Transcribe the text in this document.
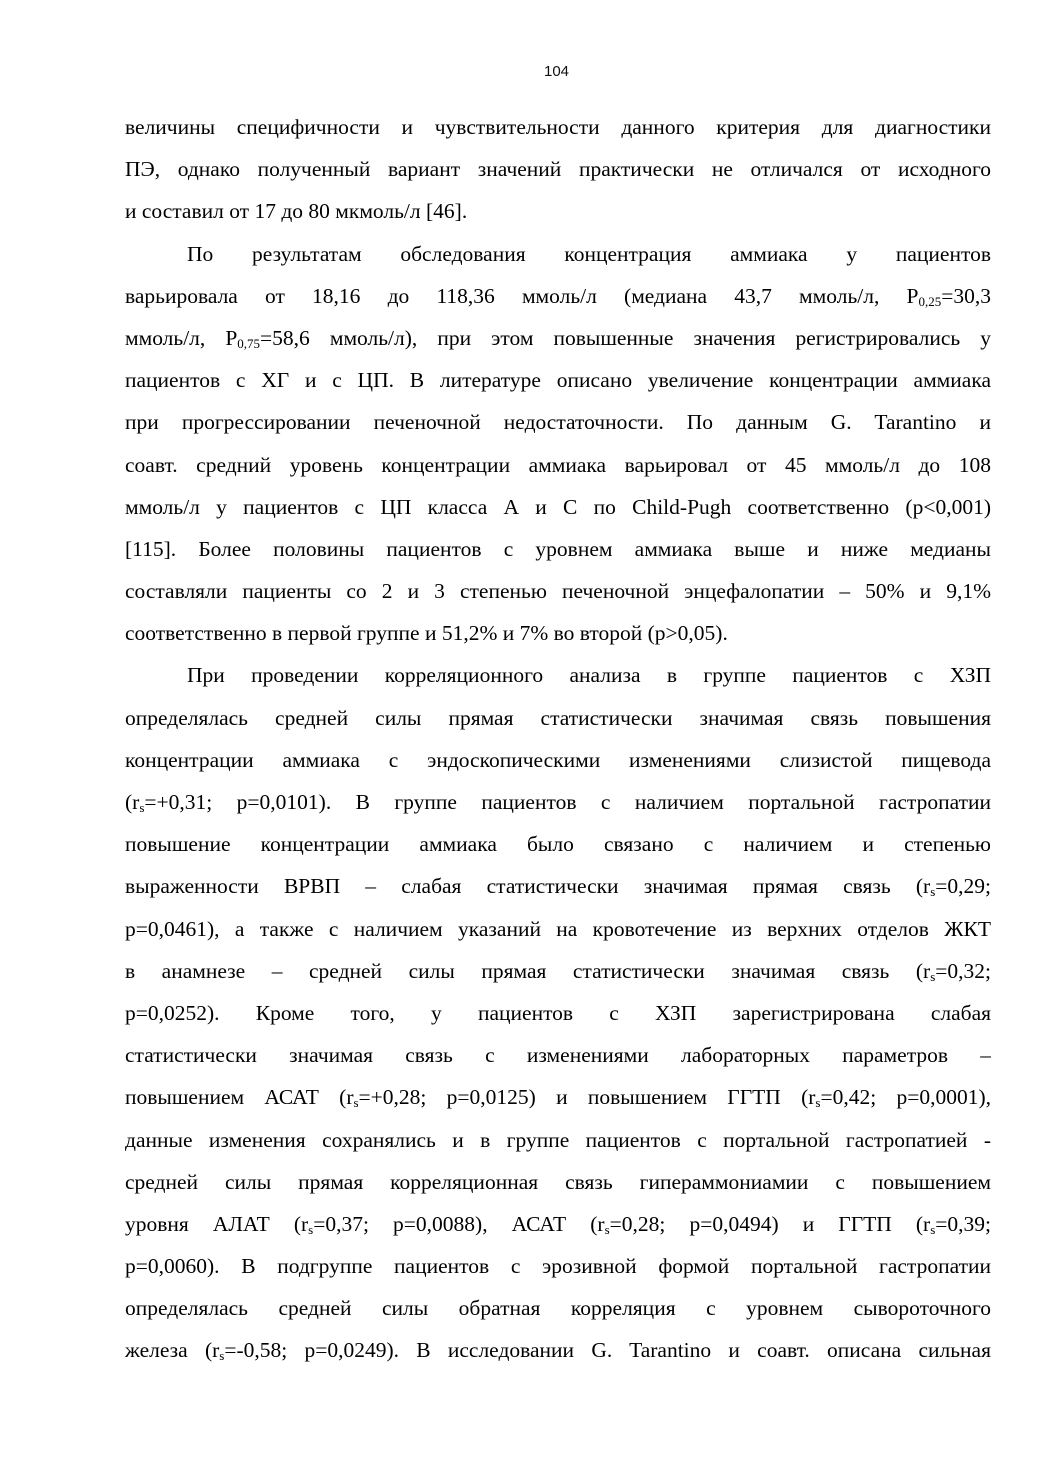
104
величины специфичности и чувствительности данного критерия для диагностики
ПЭ, однако полученный вариант значений практически не отличался от исходного
и составил от 17 до 80 мкмоль/л [46].
По результатам обследования концентрация аммиака у пациентов
варьировала от 18,16 до 118,36 ммоль/л (медиана 43,7 ммоль/л, $P_{0,25}=30,3$
ммоль/л, $P_{0,75}=58,6$ ммоль/л), при этом повышенные значения регистрировались у
пациентов с ХГ и с ЦП. В литературе описано увеличение концентрации аммиака
при прогрессировании печеночной недостаточности. По данным G. Tarantino и
соавт. средний уровень концентрации аммиака варьировал от 45 ммоль/л до 108
ммоль/л у пациентов с ЦП класса А и С по Child-Pugh соответственно (p<0,001)
[115]. Более половины пациентов с уровнем аммиака выше и ниже медианы
составляли пациенты со 2 и 3 степенью печеночной энцефалопатии – 50% и 9,1%
соответственно в первой группе и 51,2% и 7% во второй (p>0,05).
При проведении корреляционного анализа в группе пациентов с ХЗП
определялась средней силы прямая статистически значимая связь повышения
концентрации аммиака с эндоскопическими изменениями слизистой пищевода
($r_s=+0,31$; p=0,0101). В группе пациентов с наличием портальной гастропатии
повышение концентрации аммиака было связано с наличием и степенью
выраженности ВРВП – слабая статистически значимая прямая связь ($r_s=0,29$;
p=0,0461), а также с наличием указаний на кровотечение из верхних отделов ЖКТ
в анамнезе – средней силы прямая статистически значимая связь ($r_s=0,32$;
p=0,0252). Кроме того, у пациентов с ХЗП зарегистрирована слабая
статистически значимая связь с изменениями лабораторных параметров –
повышением АСАТ ($r_s=+0,28$; p=0,0125) и повышением ГГТП ($r_s=0,42$; p=0,0001),
данные изменения сохранялись и в группе пациентов с портальной гастропатией -
средней силы прямая корреляционная связь гипераммониамии с повышением
уровня АЛАТ ($r_s=0,37$; p=0,0088), АСАТ ($r_s=0,28$; p=0,0494) и ГГТП ($r_s=0,39$;
p=0,0060). В подгруппе пациентов с эрозивной формой портальной гастропатии
определялась средней силы обратная корреляция с уровнем сывороточного
железа ($r_s=-0,58$; p=0,0249). В исследовании G. Tarantino и соавт. описана сильная
